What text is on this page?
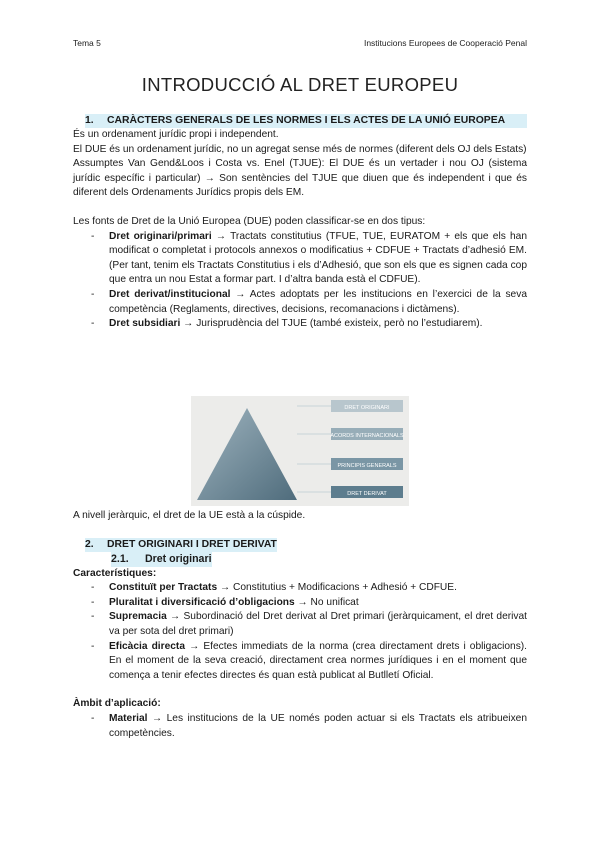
Tema 5	Institucions Europees de Cooperació Penal
INTRODUCCIÓ AL DRET EUROPEU
1.	CARÀCTERS GENERALS DE LES NORMES I ELS ACTES DE LA UNIÓ EUROPEA
És un ordenament jurídic propi i independent.
El DUE és un ordenament jurídic, no un agregat sense més de normes (diferent dels OJ dels Estats)
Assumptes Van Gend&Loos i Costa vs. Enel (TJUE): El DUE és un vertader i nou OJ (sistema jurídic específic i particular) → Son sentències del TJUE que diuen que és independent i que és diferent dels Ordenaments Jurídics propis dels EM.
Les fonts de Dret de la Unió Europea (DUE) poden classificar-se en dos tipus:
-	Dret originari/primari → Tractats constitutius (TFUE, TUE, EURATOM + els que els han modificat o completat i protocols annexos o modificatius + CDFUE + Tractats d’adhesió EM. (Per tant, tenim els Tractats Constitutius i els d’Adhesió, que son els que es signen cada cop que entra un nou Estat a formar part. I d’altra banda està el CDFUE).
-	Dret derivat/institucional → Actes adoptats per les institucions en l’exercici de la seva competència (Reglaments, directives, decisions, recomanacions i dictàmens).
-	Dret subsidiari → Jurisprudència del TJUE (també existeix, però no l’estudiarem).
DRET ORIGINARI
ACORDS INTERNACIONALS
PRINCIPIS GENERALS
DRET DERIVAT
A nivell jeràrquic, el dret de la UE està a la cúspide.
2.	DRET ORIGINARI I DRET DERIVAT
2.1.	Dret originari
Característiques:
-	Constituït per Tractats → Constitutius + Modificacions + Adhesió + CDFUE.
-	Pluralitat i diversificació d’obligacions → No unificat
-	Supremacia → Subordinació del Dret derivat al Dret primari (jeràrquicament, el dret derivat va per sota del dret primari)
-	Eficàcia directa → Efectes immediats de la norma (crea directament drets i obligacions). En el moment de la seva creació, directament crea normes jurídiques i en el moment que comença a tenir efectes directes és quan està publicat al Butlletí Oficial.
Àmbit d’aplicació:
-	Material → Les institucions de la UE només poden actuar si els Tractats els atribueixen competències.
